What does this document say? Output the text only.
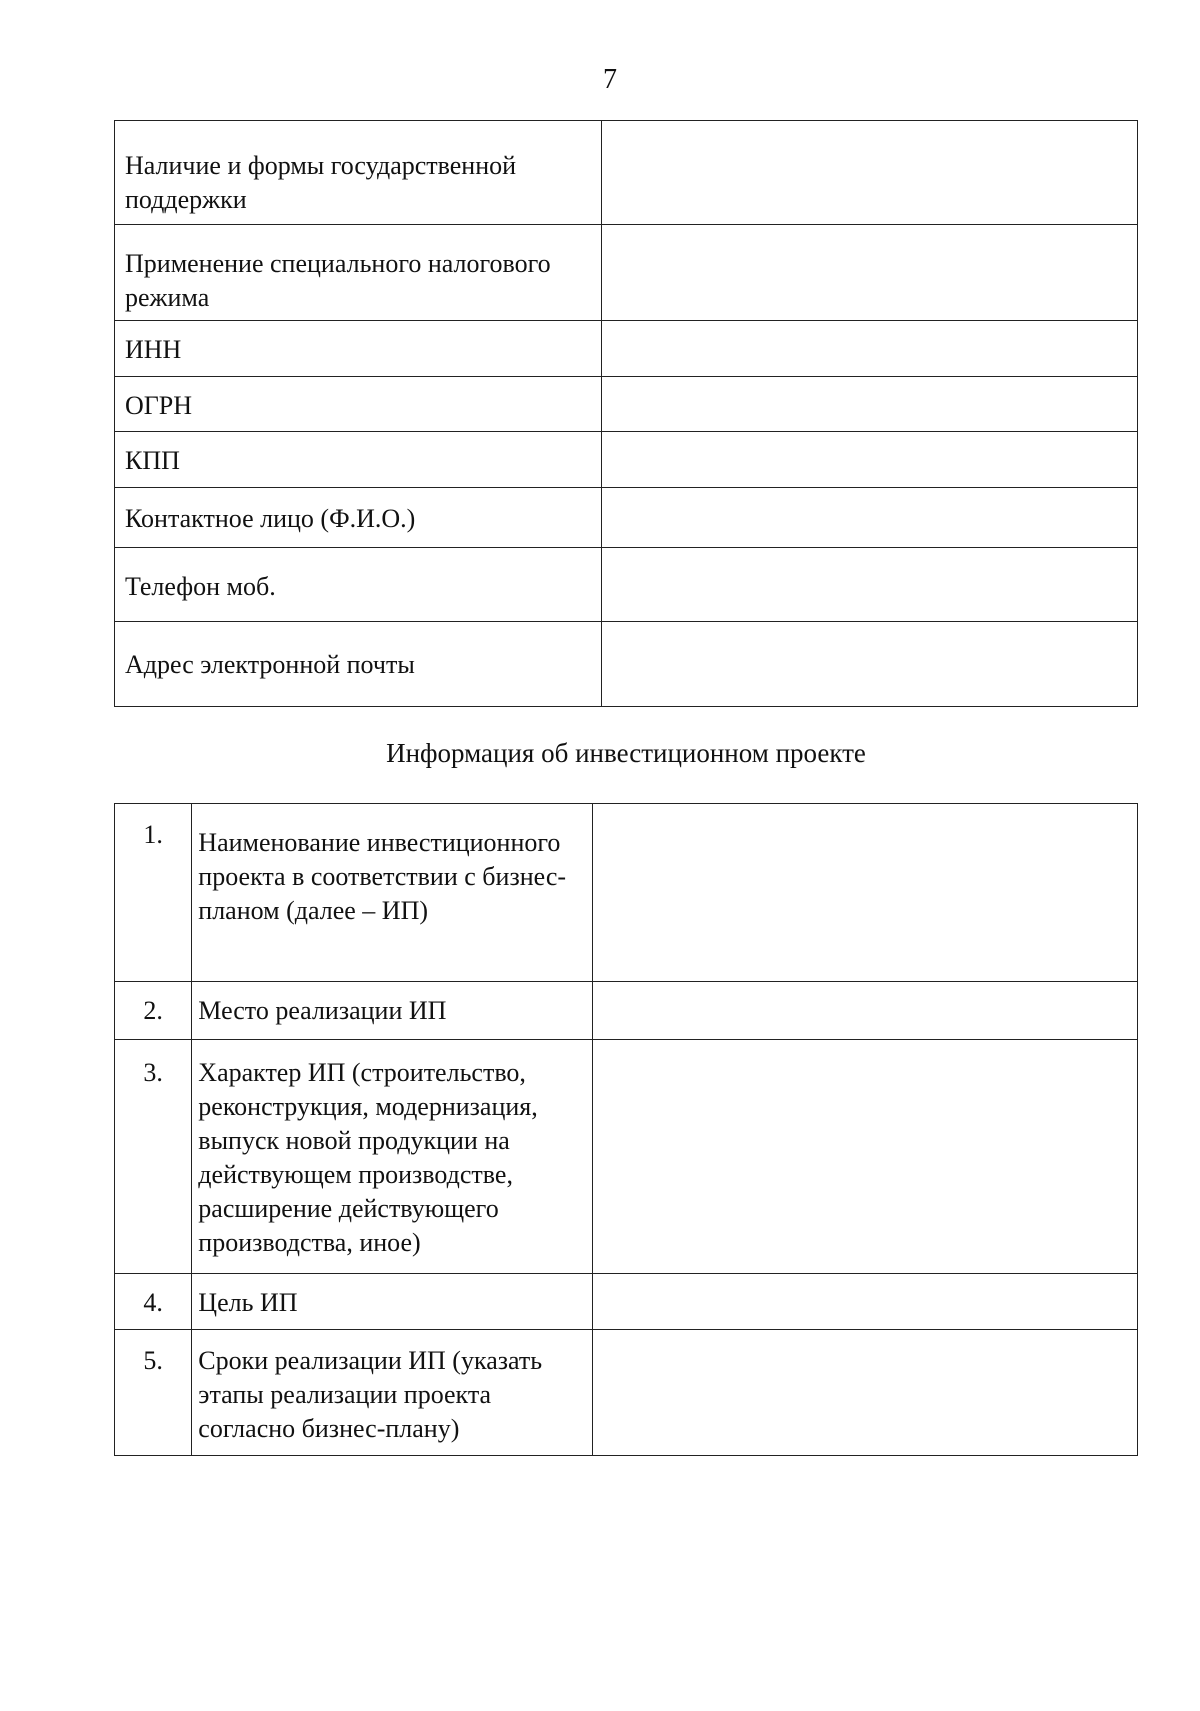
7
Наличие и формы государственной поддержки	

Применение специального налогового режима	

ИНН	

ОГРН	

КПП	

Контактное лицо (Ф.И.О.)	

Телефон моб.	

Адрес электронной почты	

Информация об инвестиционном проекте
1.	Наименование инвестиционного проекта в соответствии с бизнес-планом (далее – ИП)	

2.	Место реализации ИП	

3.	Характер ИП (строительство, реконструкция, модернизация, выпуск новой продукции на действующем производстве, расширение действующего производства, иное)	

4.	Цель ИП	

5.	Сроки реализации ИП (указать этапы реализации проекта согласно бизнес-плану)	
